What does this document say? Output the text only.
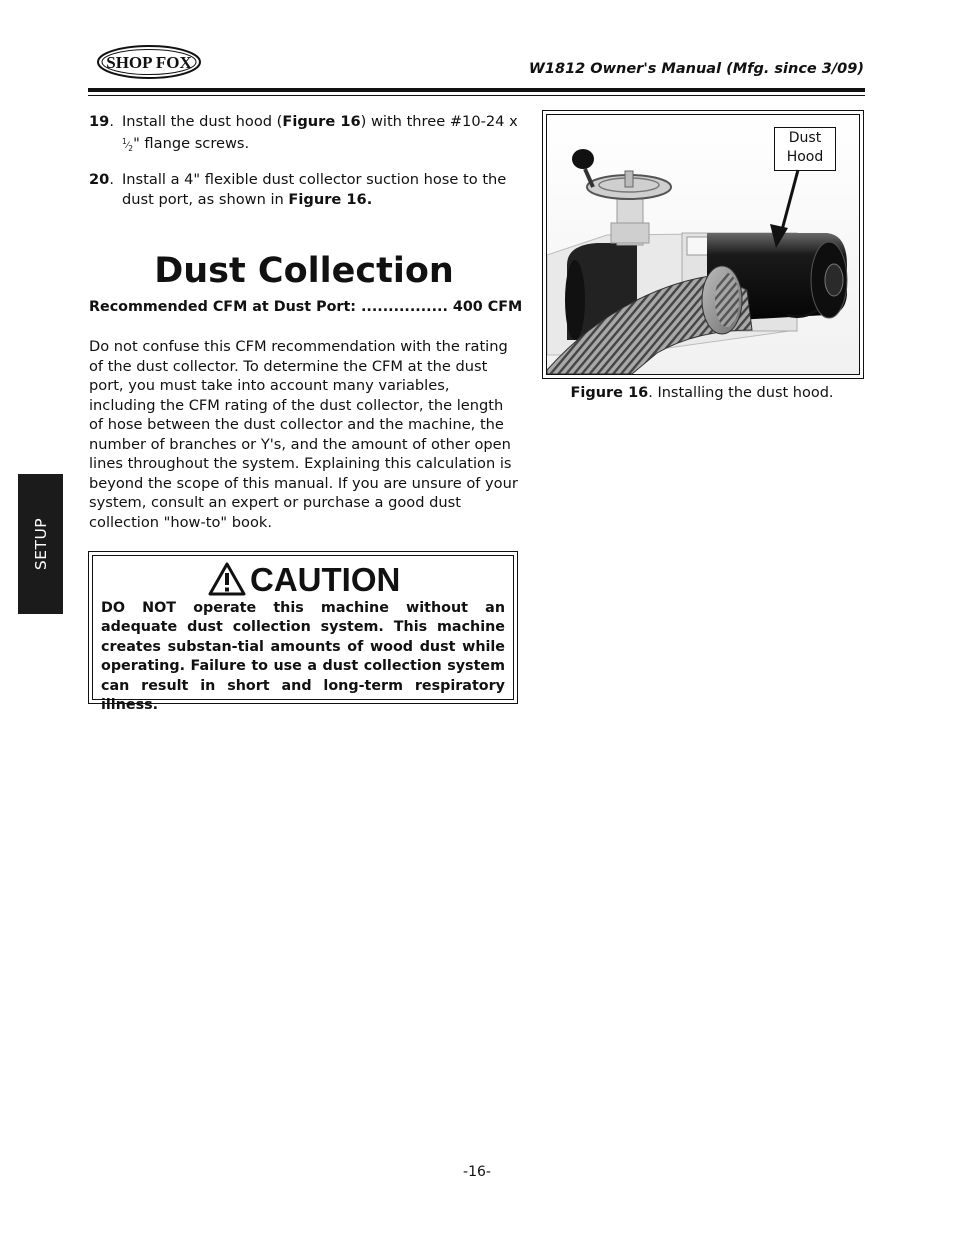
SHOP FOX	W1812 Owner's Manual (Mfg. since 3/09)
19. Install the dust hood (Figure 16) with three #10-24 x
$^1⁄_2$" flange screws.
20. Install a 4" flexible dust collector suction hose to the dust port, as shown in Figure 16.
Dust Collection
Recommended CFM at Dust Port: ................ 400 CFM
Do not confuse this CFM recommendation with the rating of the dust collector. To determine the CFM at the dust port, you must take into account many variables, including the CFM rating of the dust collector, the length of hose between the dust collector and the machine, the number of branches or Y's, and the amount of other open lines throughout the system. Explaining this calculation is beyond the scope of this manual. If you are unsure of your system, consult an expert or purchase a good dust collection "how-to" book.
SETUP
CAUTION

DO NOT operate this machine without an adequate dust collection system. This machine creates substan-tial amounts of wood dust while operating. Failure to use a dust collection system can result in short and long-term respiratory illness.

Dust
Hood
Figure 16. Installing the dust hood.
-16-
